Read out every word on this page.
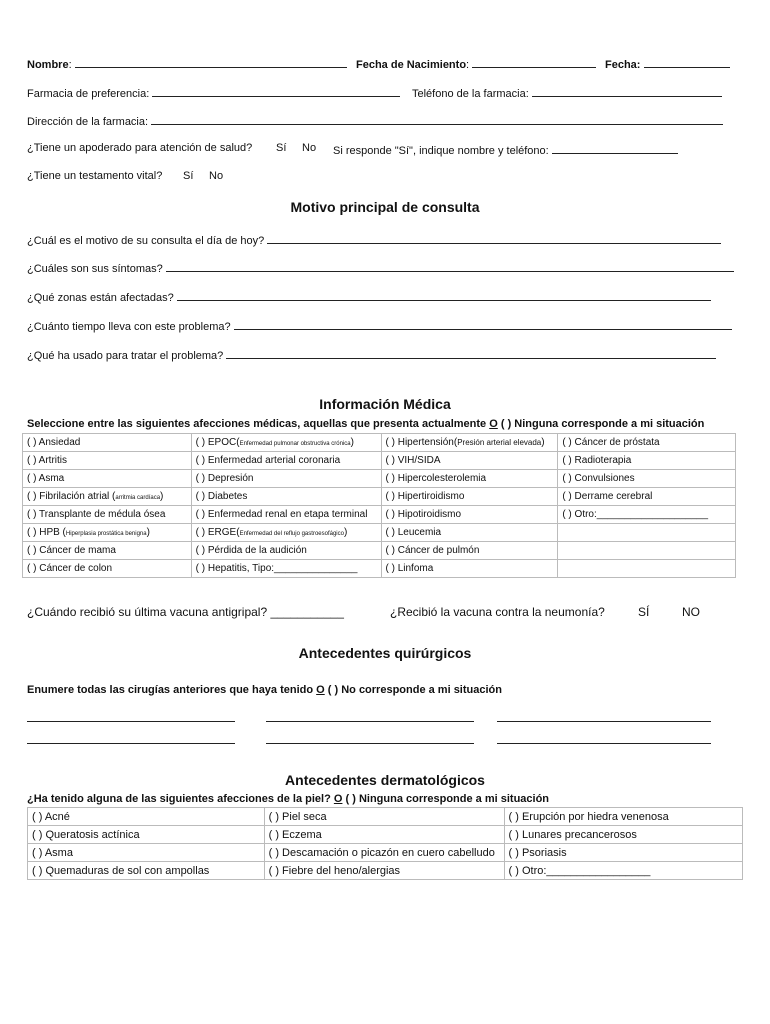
Nombre:	Fecha de Nacimiento:	Fecha:
Farmacia de preferencia:	Teléfono de la farmacia:
Dirección de la farmacia:
¿Tiene un apoderado para atención de salud? Sí No Si responde "Sí", indique nombre y teléfono:
¿Tiene un testamento vital? Sí No
Motivo principal de consulta
¿Cuál es el motivo de su consulta el día de hoy?
¿Cuáles son sus síntomas?
¿Qué zonas están afectadas?
¿Cuánto tiempo lleva con este problema?
¿Qué ha usado para tratar el problema?
Información Médica
Seleccione entre las siguientes afecciones médicas, aquellas que presenta actualmente O ( ) Ninguna corresponde a mi situación
( ) Ansiedad	( ) EPOC(Enfermedad pulmonar obstructiva crónica)	( ) Hipertensión(Presión arterial elevada)	( ) Cáncer de próstata
( ) Artritis	( ) Enfermedad arterial coronaria	( ) VIH/SIDA	( ) Radioterapia
( ) Asma	( ) Depresión	( ) Hipercolesterolemia	( ) Convulsiones
( ) Fibrilación atrial (arritmia cardíaca)	( ) Diabetes	( ) Hipertiroidismo	( ) Derrame cerebral
( ) Transplante de médula ósea	( ) Enfermedad renal en etapa terminal	( ) Hipotiroidismo	( ) Otro:____________________
( ) HPB (Hiperplasia prostática benigna)	( ) ERGE(Enfermedad del reflujo gastroesofágico)	( ) Leucemia	
( ) Cáncer de mama	( ) Pérdida de la audición	( ) Cáncer de pulmón	
( ) Cáncer de colon	( ) Hepatitis, Tipo:_______________	( ) Linfoma	
¿Cuándo recibió su última vacuna antigripal? ___________	¿Recibió la vacuna contra la neumonía?	SÍ	NO
Antecedentes quirúrgicos
Enumere todas las cirugías anteriores que haya tenido O ( ) No corresponde a mi situación
Antecedentes dermatológicos
¿Ha tenido alguna de las siguientes afecciones de la piel? O ( ) Ninguna corresponde a mi situación
( ) Acné	( ) Piel seca	( ) Erupción por hiedra venenosa
( ) Queratosis actínica	( ) Eczema	( ) Lunares precancerosos
( ) Asma	( ) Descamación o picazón en cuero cabelludo	( ) Psoriasis
( ) Quemaduras de sol con ampollas	( ) Fiebre del heno/alergias	( ) Otro:_________________
